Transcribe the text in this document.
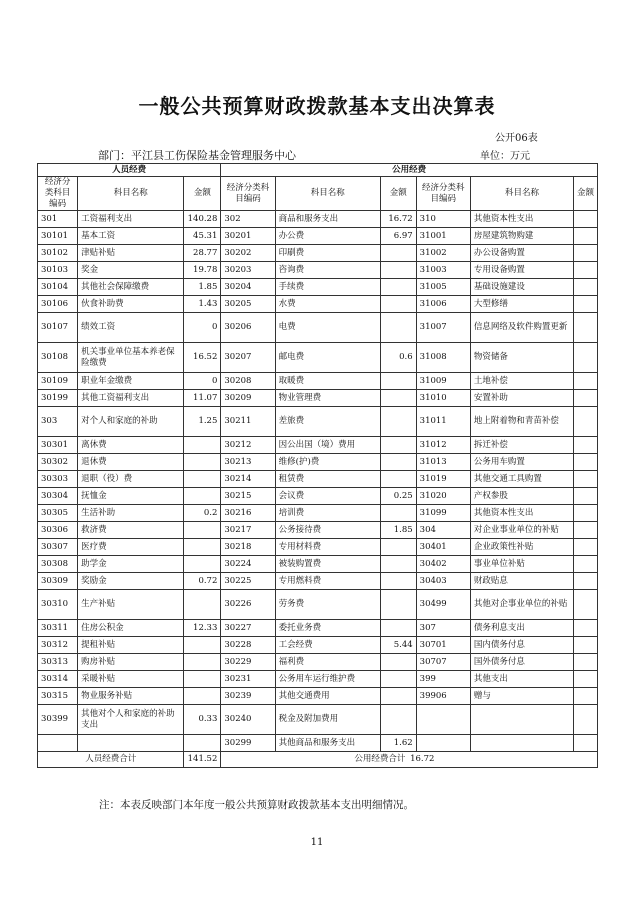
一般公共预算财政拨款基本支出决算表
公开06表
部门：平江县工伤保险基金管理服务中心	单位：万元
人员经费			公用经费					
经济分类科目编码	科目名称	金额	经济分类科目编码	科目名称	金额	经济分类科目编码	科目名称	金额
301	工资福利支出	140.28	302	商品和服务支出	16.72	310	其他资本性支出	
30101	基本工资	45.31	30201	办公费	6.97	31001	房屋建筑物购建	
30102	津贴补贴	28.77	30202	印刷费		31002	办公设备购置	
30103	奖金	19.78	30203	咨询费		31003	专用设备购置	
30104	其他社会保障缴费	1.85	30204	手续费		31005	基础设施建设	
30106	伙食补助费	1.43	30205	水费		31006	大型修缮	
30107	绩效工资	0	30206	电费		31007	信息网络及软件购置更新	
30108	机关事业单位基本养老保险缴费	16.52	30207	邮电费	0.6	31008	物资储备	
30109	职业年金缴费	0	30208	取暖费		31009	土地补偿	
30199	其他工资福利支出	11.07	30209	物业管理费		31010	安置补助	
303	对个人和家庭的补助	1.25	30211	差旅费		31011	地上附着物和青苗补偿	
30301	离休费		30212	因公出国（境）费用		31012	拆迁补偿	
30302	退休费		30213	维修(护)费		31013	公务用车购置	
30303	退职（役）费		30214	租赁费		31019	其他交通工具购置	
30304	抚恤金		30215	会议费	0.25	31020	产权参股	
30305	生活补助	0.2	30216	培训费		31099	其他资本性支出	
30306	救济费		30217	公务接待费	1.85	304	对企业事业单位的补贴	
30307	医疗费		30218	专用材料费		30401	企业政策性补贴	
30308	助学金		30224	被装购置费		30402	事业单位补贴	
30309	奖励金	0.72	30225	专用燃料费		30403	财政贴息	
30310	生产补贴		30226	劳务费		30499	其他对企事业单位的补贴	
30311	住房公积金	12.33	30227	委托业务费		307	债务利息支出	
30312	提租补贴		30228	工会经费	5.44	30701	国内债务付息	
30313	购房补贴		30229	福利费		30707	国外债务付息	
30314	采暖补贴		30231	公务用车运行维护费		399	其他支出	
30315	物业服务补贴		30239	其他交通费用		39906	赠与	
30399	其他对个人和家庭的补助支出	0.33	30240	税金及附加费用				
			30299	其他商品和服务支出	1.62			
人员经费合计		141.52	公用经费合计 16.72					
注：本表反映部门本年度一般公共预算财政拨款基本支出明细情况。
11
